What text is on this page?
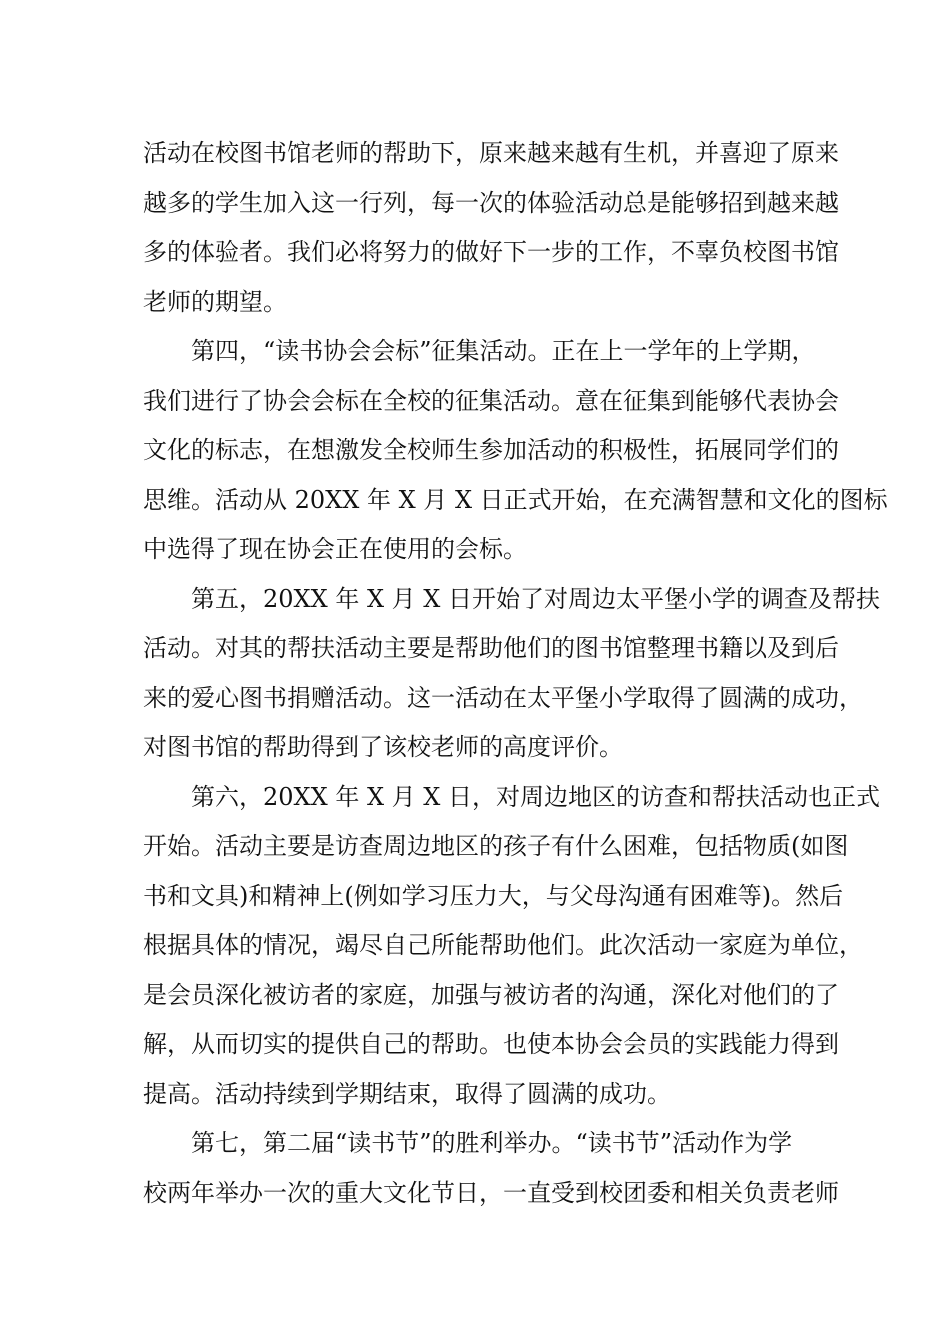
活动在校图书馆老师的帮助下，原来越来越有生机，并喜迎了原来
越多的学生加入这一行列，每一次的体验活动总是能够招到越来越
多的体验者。我们必将努力的做好下一步的工作，不辜负校图书馆
老师的期望。

第四，“读书协会会标”征集活动。正在上一学年的上学期，
我们进行了协会会标在全校的征集活动。意在征集到能够代表协会
文化的标志，在想激发全校师生参加活动的积极性，拓展同学们的
思维。活动从 20XX 年 X 月 X 日正式开始，在充满智慧和文化的图标
中选得了现在协会正在使用的会标。

第五，20XX 年 X 月 X 日开始了对周边太平堡小学的调查及帮扶
活动。对其的帮扶活动主要是帮助他们的图书馆整理书籍以及到后
来的爱心图书捐赠活动。这一活动在太平堡小学取得了圆满的成功，
对图书馆的帮助得到了该校老师的高度评价。

第六，20XX 年 X 月 X 日，对周边地区的访查和帮扶活动也正式
开始。活动主要是访查周边地区的孩子有什么困难，包括物质(如图
书和文具)和精神上(例如学习压力大，与父母沟通有困难等)。然后
根据具体的情况，竭尽自己所能帮助他们。此次活动一家庭为单位，
是会员深化被访者的家庭，加强与被访者的沟通，深化对他们的了
解，从而切实的提供自己的帮助。也使本协会会员的实践能力得到
提高。活动持续到学期结束，取得了圆满的成功。

第七，第二届“读书节”的胜利举办。“读书节”活动作为学
校两年举办一次的重大文化节日，一直受到校团委和相关负责老师
